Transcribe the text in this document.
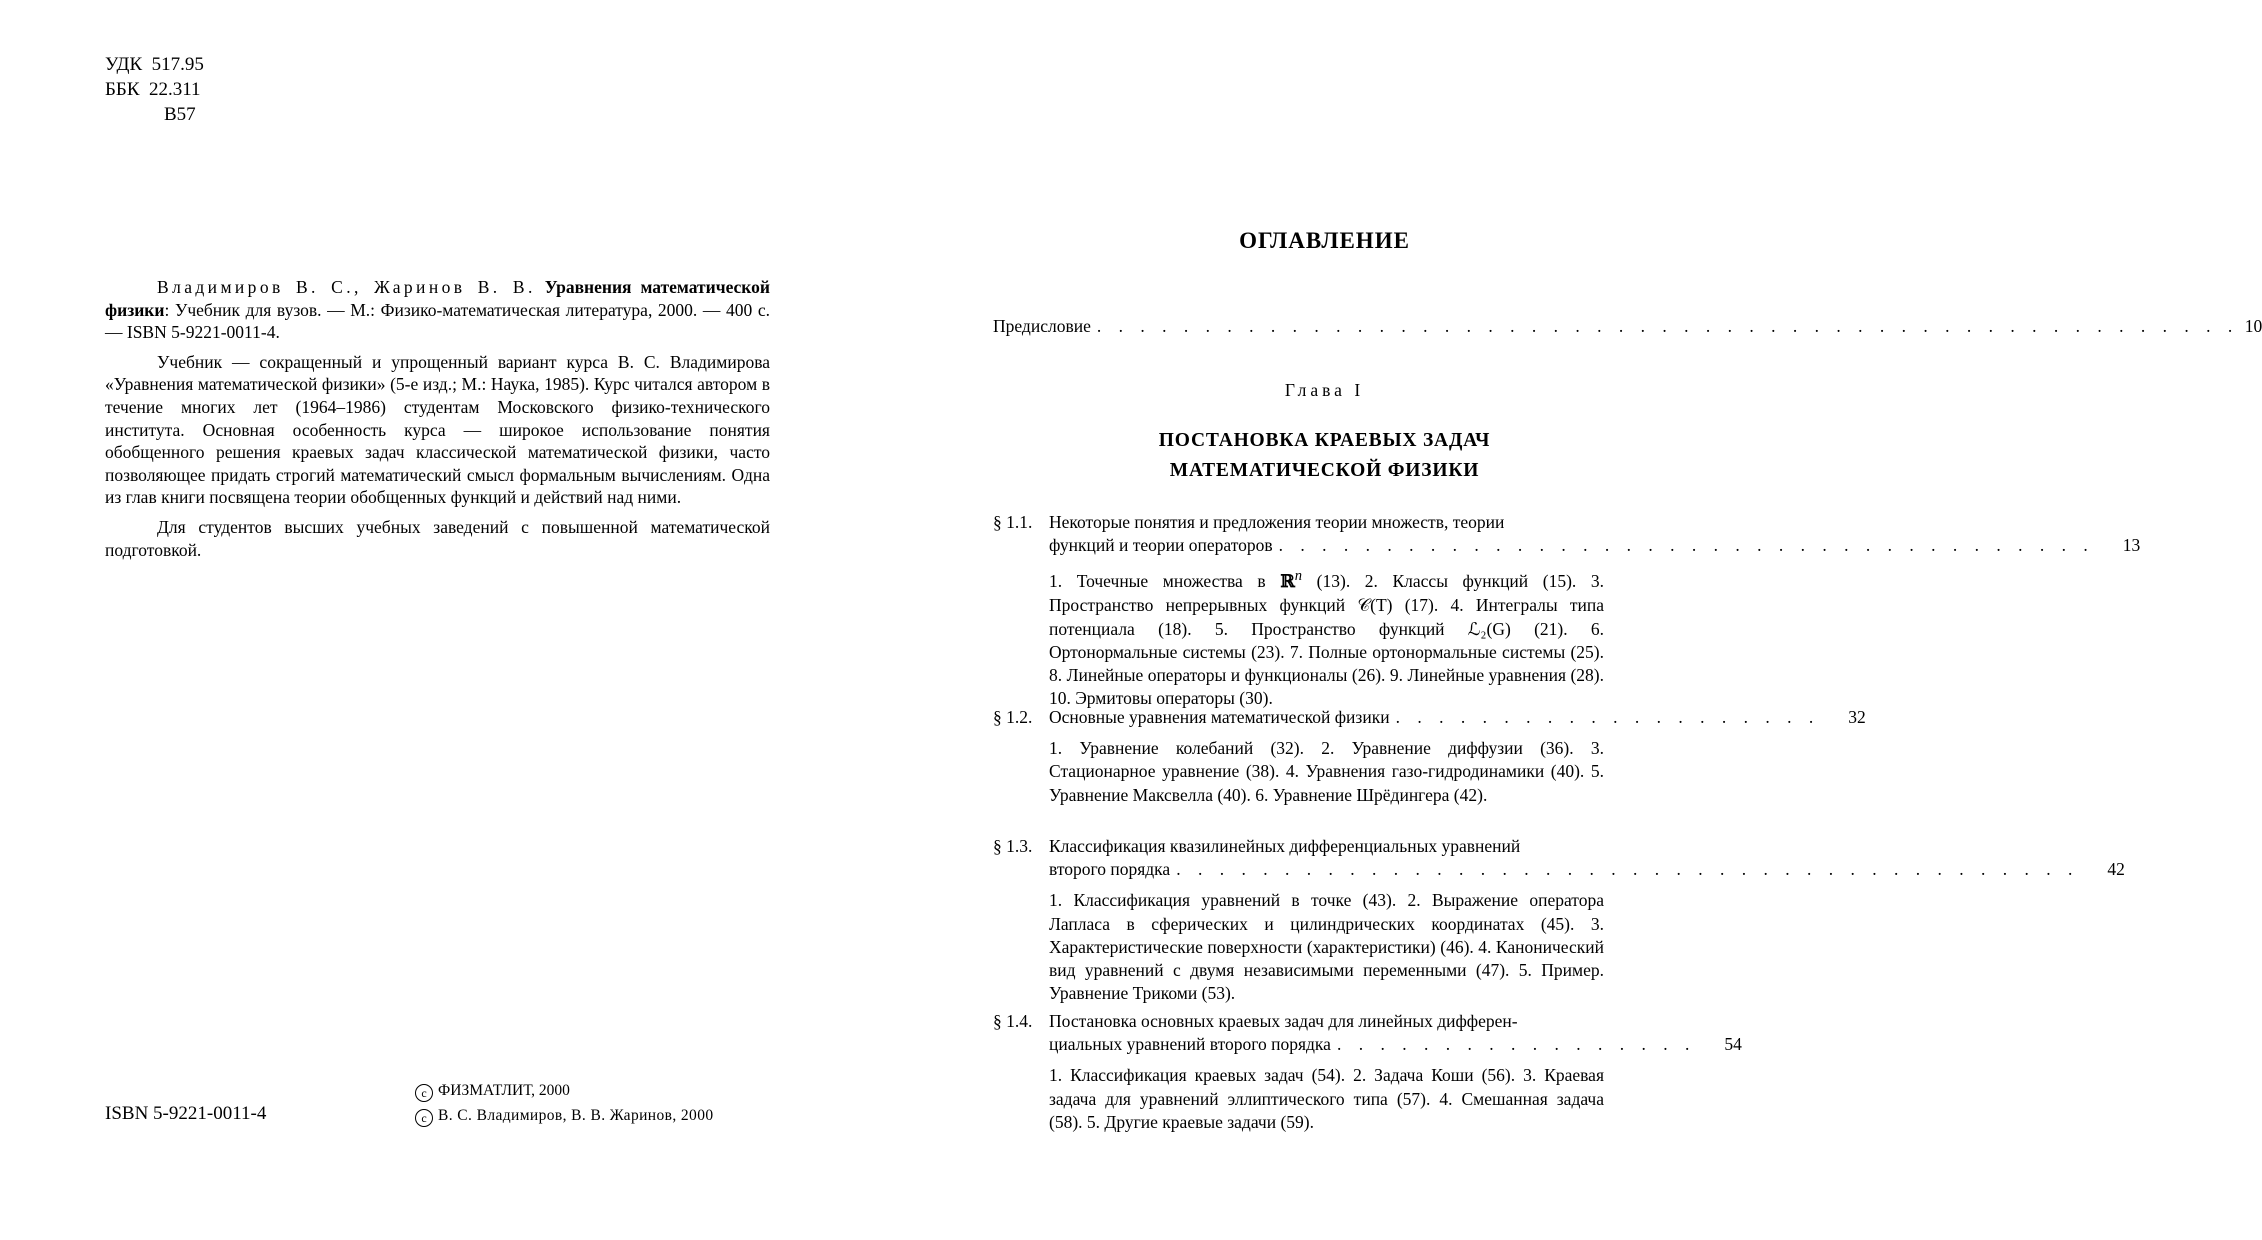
УДК  517.95
ББК  22.311
В57

Владимиров В. С., Жаринов В. В. Уравнения математической физики: Учебник для вузов. — М.: Физико-математическая литература, 2000. — 400 с. — ISBN 5-9221-0011-4.

Учебник — сокращенный и упрощенный вариант курса В. С. Владимирова «Уравнения математической физики» (5-е изд.; М.: Наука, 1985). Курс читался автором в течение многих лет (1964–1986) студентам Московского физико-технического института. Основная особенность курса — широкое использование понятия обобщенного решения краевых задач классической математической физики, часто позволяющее придать строгий математический смысл формальным вычислениям. Одна из глав книги посвящена теории обобщенных функций и действий над ними.

Для студентов высших учебных заведений с повышенной математической подготовкой.

ISBN 5-9221-0011-4
c ФИЗМАТЛИТ, 2000
c В. С. Владимиров, В. В. Жаринов, 2000
ОГЛАВЛЕНИЕ
Предисловие . . . . . . . . . . . . . . . . . . . . . . . . . . . . . . . . . . . . . . . . . . . . . . . . . . . . . 10
Глава I
ПОСТАНОВКА КРАЕВЫХ ЗАДАЧ
МАТЕМАТИЧЕСКОЙ ФИЗИКИ
§ 1.1. Некоторые понятия и предложения теории множеств, теории
функций и теории операторов . . . . . . . . . . . . . . . . . . . . . . . . . . . . . . . . . . . . . .	13
1. Точечные множества в ℝ$^n$ (13). 2. Классы функций (15). 3. Пространство непрерывных функций 𝒞(T) (17). 4. Интегралы типа потенциала (18). 5. Пространство функций ℒ₂(G) (21). 6. Ортонормальные системы (23). 7. Полные ортонормальные системы (25). 8. Линейные операторы и функционалы (26). 9. Линейные уравнения (28). 10. Эрмитовы операторы (30).
§ 1.2. Основные уравнения математической физики . . . . . . . . . . . . . . . . . . . .	32
1. Уравнение колебаний (32). 2. Уравнение диффузии (36). 3. Стационарное уравнение (38). 4. Уравнения газо-гидродинамики (40). 5. Уравнение Максвелла (40). 6. Уравнение Шрёдингера (42).
§ 1.3. Классификация квазилинейных дифференциальных уравнений
второго порядка . . . . . . . . . . . . . . . . . . . . . . . . . . . . . . . . . . . . . . . . . .	42
1. Классификация уравнений в точке (43). 2. Выражение оператора Лапласа в сферических и цилиндрических координатах (45). 3. Характеристические поверхности (характеристики) (46). 4. Канонический вид уравнений с двумя независимыми переменными (47). 5. Пример. Уравнение Трикоми (53).
§ 1.4. Постановка основных краевых задач для линейных дифферен-
циальных уравнений второго порядка . . . . . . . . . . . . . . . . .	54
1. Классификация краевых задач (54). 2. Задача Коши (56). 3. Краевая задача для уравнений эллиптического типа (57). 4. Смешанная задача (58). 5. Другие краевые задачи (59).
